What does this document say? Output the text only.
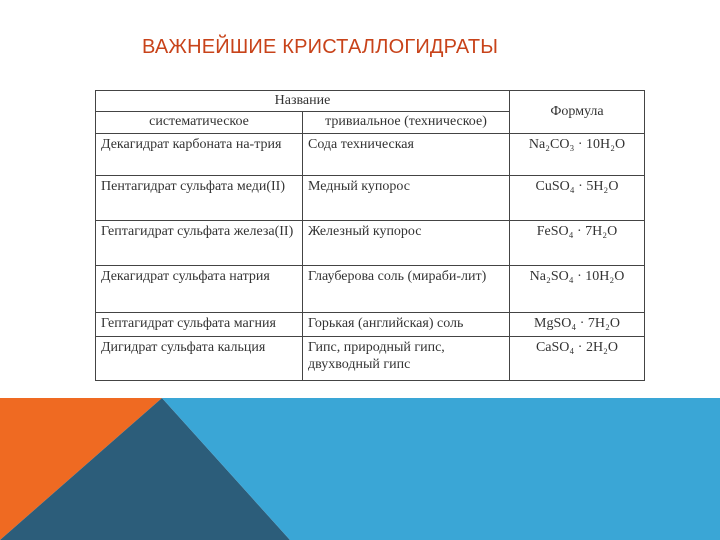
ВАЖНЕЙШИЕ КРИСТАЛЛОГИДРАТЫ
Название		Формула
систематическое	тривиальное (техническое)	
Декагидрат карбоната на-трия	Сода техническая	Na₂CO₃ · 10H₂O
Пентагидрат сульфата меди(II)	Медный купорос	CuSO₄ · 5H₂O
Гептагидрат сульфата железа(II)	Железный купорос	FeSO₄ · 7H₂O
Декагидрат сульфата натрия	Глауберова соль (мираби-лит)	Na₂SO₄ · 10H₂O
Гептагидрат сульфата магния	Горькая (английская) соль	MgSO₄ · 7H₂O
Дигидрат сульфата кальция	Гипс, природный гипс, двухводный гипс	CaSO₄ · 2H₂O
